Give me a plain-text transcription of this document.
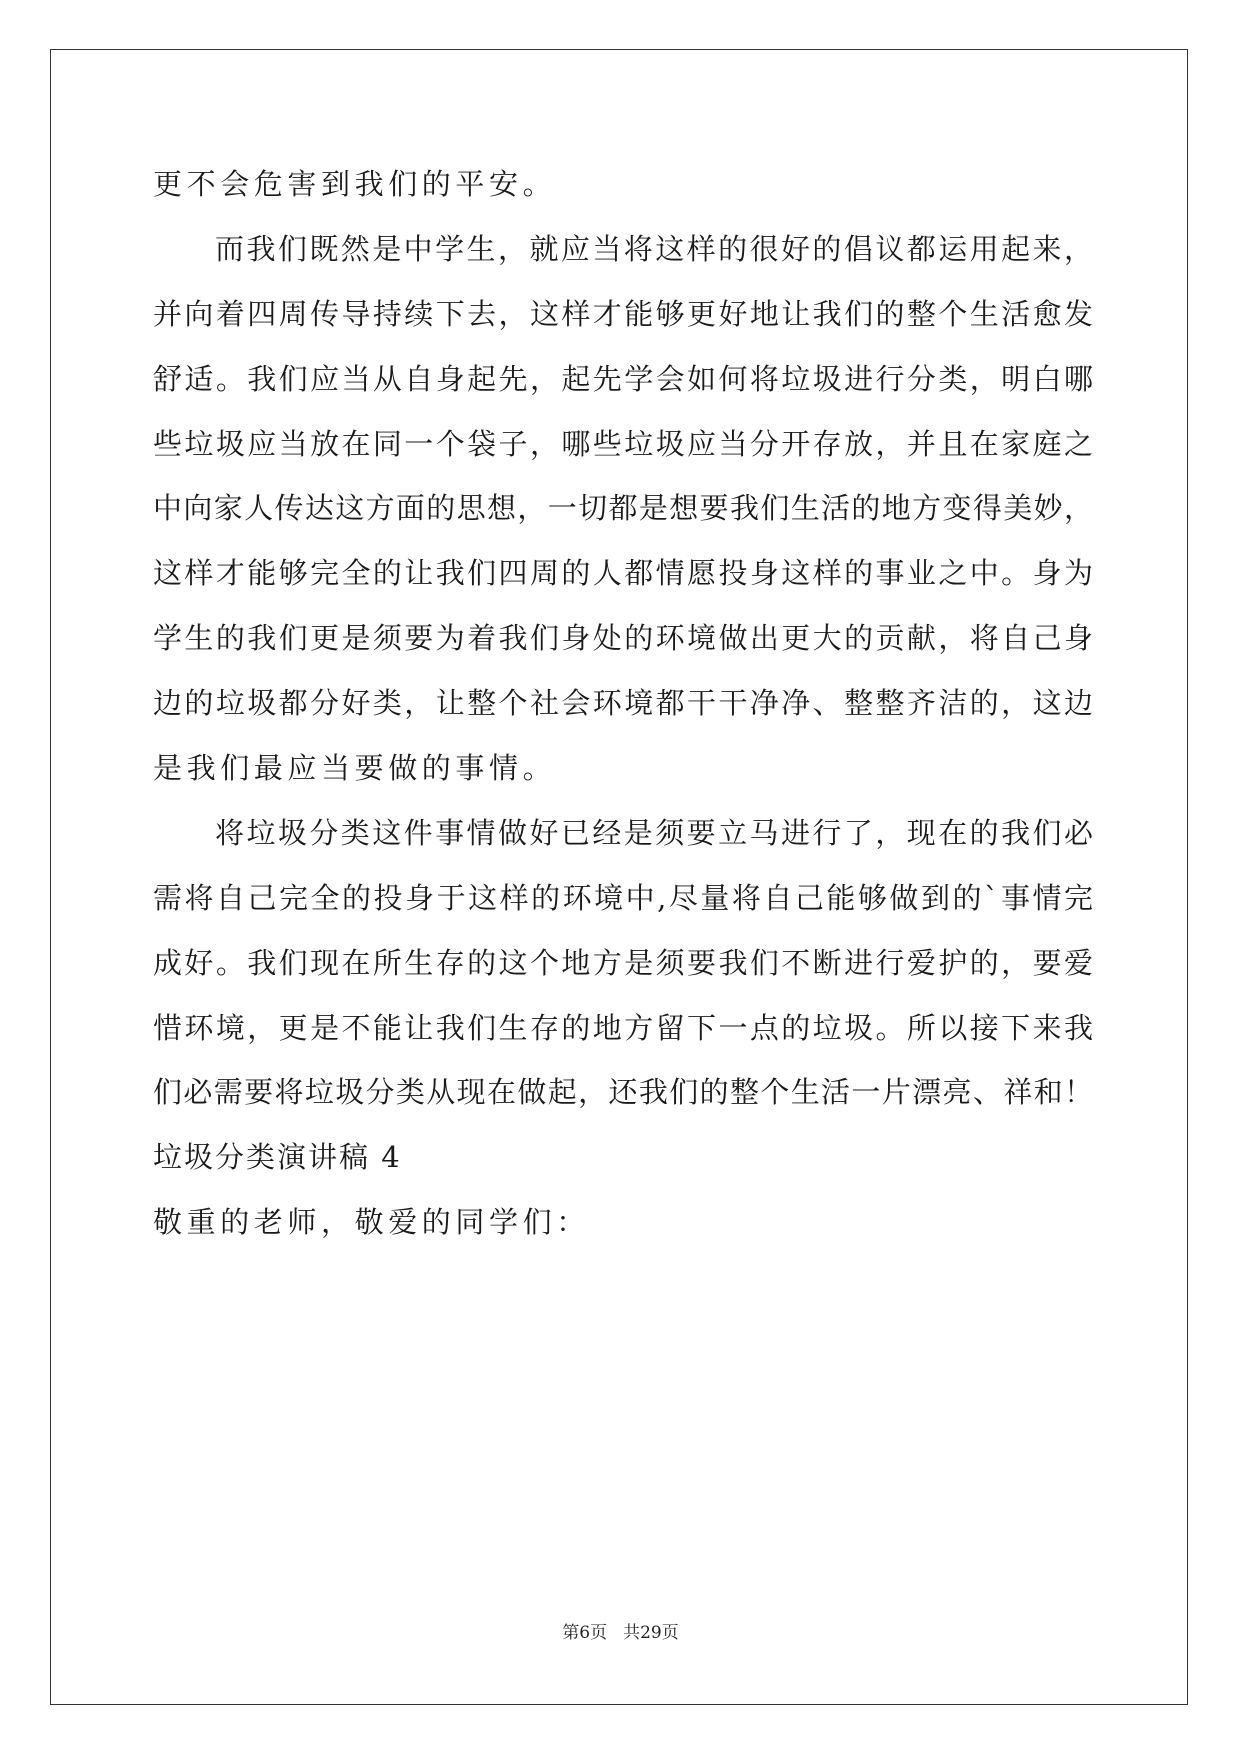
更不会危害到我们的平安。
而我们既然是中学生，就应当将这样的很好的倡议都运用起来，
并向着四周传导持续下去，这样才能够更好地让我们的整个生活愈发
舒适。我们应当从自身起先，起先学会如何将垃圾进行分类，明白哪
些垃圾应当放在同一个袋子，哪些垃圾应当分开存放，并且在家庭之
中向家人传达这方面的思想，一切都是想要我们生活的地方变得美妙，
这样才能够完全的让我们四周的人都情愿投身这样的事业之中。身为
学生的我们更是须要为着我们身处的环境做出更大的贡献，将自己身
边的垃圾都分好类，让整个社会环境都干干净净、整整齐洁的，这边
是我们最应当要做的事情。
将垃圾分类这件事情做好已经是须要立马进行了，现在的我们必
需将自己完全的投身于这样的环境中,尽量将自己能够做到的`事情完
成好。我们现在所生存的这个地方是须要我们不断进行爱护的，要爱
惜环境，更是不能让我们生存的地方留下一点的垃圾。所以接下来我
们必需要将垃圾分类从现在做起，还我们的整个生活一片漂亮、祥和！
垃圾分类演讲稿 4
敬重的老师，敬爱的同学们：
第6页 共29页
